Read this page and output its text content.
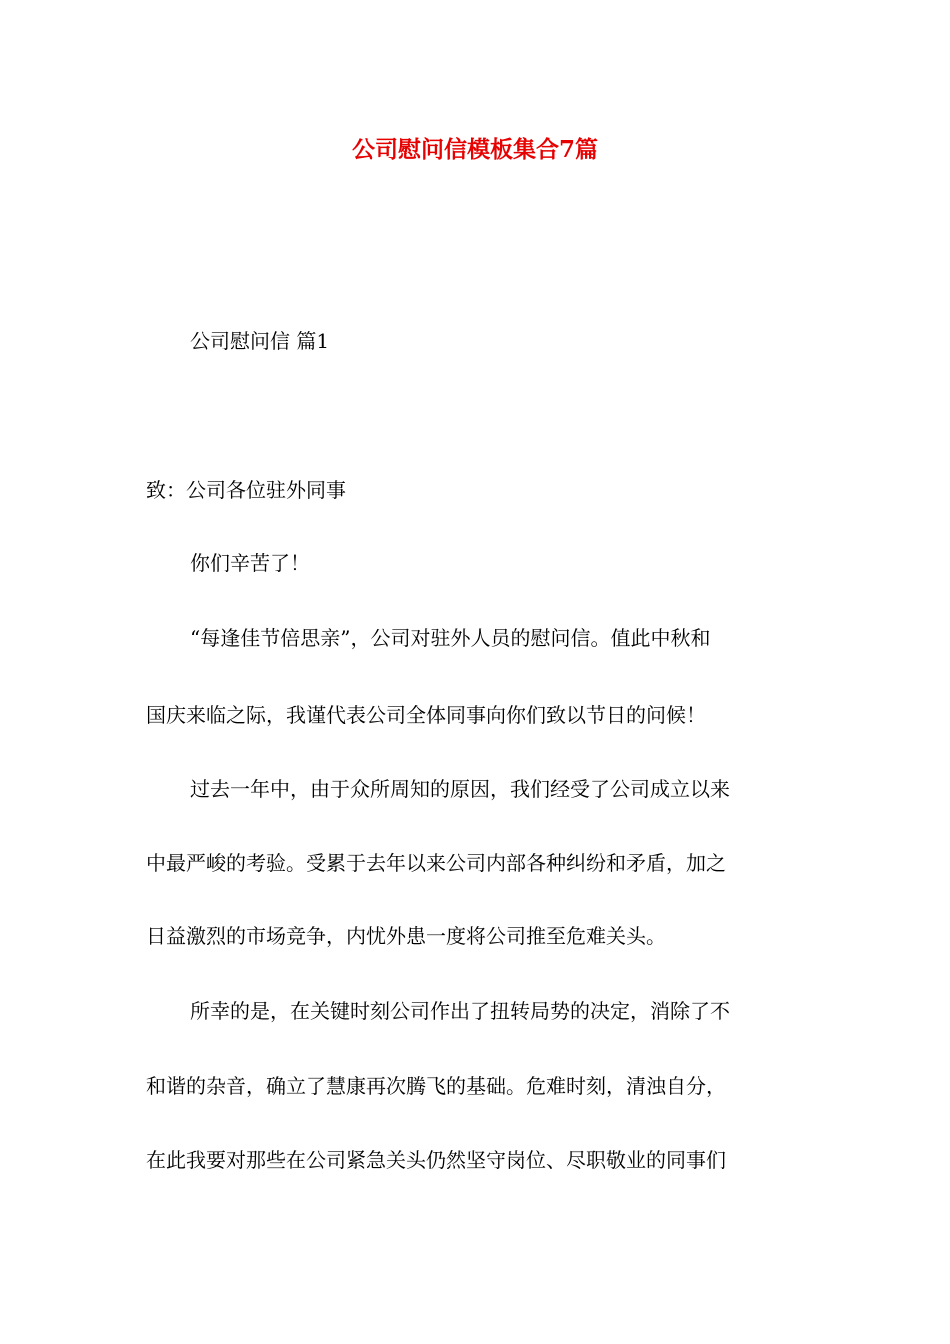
公司慰问信模板集合7篇
公司慰问信 篇1
致：公司各位驻外同事
你们辛苦了！
“每逢佳节倍思亲”，公司对驻外人员的慰问信。值此中秋和
国庆来临之际，我谨代表公司全体同事向你们致以节日的问候！
过去一年中，由于众所周知的原因，我们经受了公司成立以来
中最严峻的考验。受累于去年以来公司内部各种纠纷和矛盾，加之
日益激烈的市场竞争，内忧外患一度将公司推至危难关头。
所幸的是，在关键时刻公司作出了扭转局势的决定，消除了不
和谐的杂音，确立了慧康再次腾飞的基础。危难时刻，清浊自分，
在此我要对那些在公司紧急关头仍然坚守岗位、尽职敬业的同事们
